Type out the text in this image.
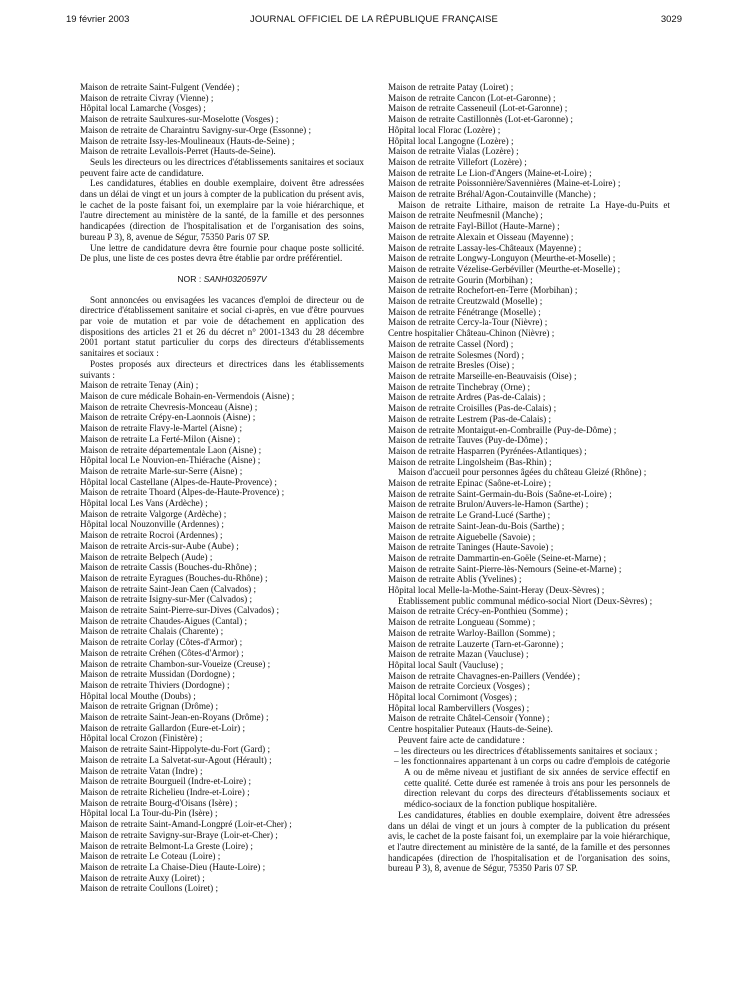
JOURNAL OFFICIEL DE LA RÉPUBLIQUE FRANÇAISE
19 février 2003	3029
Maison de retraite Saint-Fulgent (Vendée) ;
Maison de retraite Civray (Vienne) ;
Hôpital local Lamarche (Vosges) ;
Maison de retraite Saulxures-sur-Moselotte (Vosges) ;
Maison de retraite de Charaintru Savigny-sur-Orge (Essonne) ;
Maison de retraite Issy-les-Moulineaux (Hauts-de-Seine) ;
Maison de retraite Levallois-Perret (Hauts-de-Seine).

Seuls les directeurs ou les directrices d'établissements sanitaires et sociaux peuvent faire acte de candidature.

Les candidatures, établies en double exemplaire, doivent être adressées dans un délai de vingt et un jours à compter de la publication du présent avis, le cachet de la poste faisant foi, un exemplaire par la voie hiérarchique, et l'autre directement au ministère de la santé, de la famille et des personnes handicapées (direction de l'hospitalisation et de l'organisation des soins, bureau P 3), 8, avenue de Ségur, 75350 Paris 07 SP.

Une lettre de candidature devra être fournie pour chaque poste sollicité. De plus, une liste de ces postes devra être établie par ordre préférentiel.

NOR : SANH0320597V

Sont annoncées ou envisagées les vacances d'emploi de directeur ou de directrice d'établissement sanitaire et social ci-après, en vue d'être pourvues par voie de mutation et par voie de détachement en application des dispositions des articles 21 et 26 du décret n° 2001-1343 du 28 décembre 2001 portant statut particulier du corps des directeurs d'établissements sanitaires et sociaux :

Postes proposés aux directeurs et directrices dans les établissements suivants :

Maison de retraite Tenay (Ain) ;
Maison de cure médicale Bohain-en-Vermendois (Aisne) ;
Maison de retraite Chevresis-Monceau (Aisne) ;
Maison de retraite Crépy-en-Laonnois (Aisne) ;
Maison de retraite Flavy-le-Martel (Aisne) ;
Maison de retraite La Ferté-Milon (Aisne) ;
Maison de retraite départementale Laon (Aisne) ;
Hôpital local Le Nouvion-en-Thiérache (Aisne) ;
Maison de retraite Marle-sur-Serre (Aisne) ;
Hôpital local Castellane (Alpes-de-Haute-Provence) ;
Maison de retraite Thoard (Alpes-de-Haute-Provence) ;
Hôpital local Les Vans (Ardèche) ;
Maison de retraite Valgorge (Ardèche) ;
Hôpital local Nouzonville (Ardennes) ;
Maison de retraite Rocroi (Ardennes) ;
Maison de retraite Arcis-sur-Aube (Aube) ;
Maison de retraite Belpech (Aude) ;
Maison de retraite Cassis (Bouches-du-Rhône) ;
Maison de retraite Eyragues (Bouches-du-Rhône) ;
Maison de retraite Saint-Jean Caen (Calvados) ;
Maison de retraite Isigny-sur-Mer (Calvados) ;
Maison de retraite Saint-Pierre-sur-Dives (Calvados) ;
Maison de retraite Chaudes-Aigues (Cantal) ;
Maison de retraite Chalais (Charente) ;
Maison de retraite Corlay (Côtes-d'Armor) ;
Maison de retraite Créhen (Côtes-d'Armor) ;
Maison de retraite Chambon-sur-Voueize (Creuse) ;
Maison de retraite Mussidan (Dordogne) ;
Maison de retraite Thiviers (Dordogne) ;
Hôpital local Mouthe (Doubs) ;
Maison de retraite Grignan (Drôme) ;
Maison de retraite Saint-Jean-en-Royans (Drôme) ;
Maison de retraite Gallardon (Eure-et-Loir) ;
Hôpital local Crozon (Finistère) ;
Maison de retraite Saint-Hippolyte-du-Fort (Gard) ;
Maison de retraite La Salvetat-sur-Agout (Hérault) ;
Maison de retraite Vatan (Indre) ;
Maison de retraite Bourgueil (Indre-et-Loire) ;
Maison de retraite Richelieu (Indre-et-Loire) ;
Maison de retraite Bourg-d'Oisans (Isère) ;
Hôpital local La Tour-du-Pin (Isère) ;
Maison de retraite Saint-Amand-Longpré (Loir-et-Cher) ;
Maison de retraite Savigny-sur-Braye (Loir-et-Cher) ;
Maison de retraite Belmont-La Greste (Loire) ;
Maison de retraite Le Coteau (Loire) ;
Maison de retraite La Chaise-Dieu (Haute-Loire) ;
Maison de retraite Auxy (Loiret) ;
Maison de retraite Coullons (Loiret) ;
Maison de retraite Patay (Loiret) ;
Maison de retraite Cancon (Lot-et-Garonne) ;
Maison de retraite Casseneuil (Lot-et-Garonne) ;
Maison de retraite Castillonnès (Lot-et-Garonne) ;
Hôpital local Florac (Lozère) ;
Hôpital local Langogne (Lozère) ;
Maison de retraite Vialas (Lozère) ;
Maison de retraite Villefort (Lozère) ;
Maison de retraite Le Lion-d'Angers (Maine-et-Loire) ;
Maison de retraite Poissonnière/Savennières (Maine-et-Loire) ;
Maison de retraite Bréhal/Agon-Coutainville (Manche) ;

Maison de retraite Lithaire, maison de retraite La Haye-du-Puits et Maison de retraite Neufmesnil (Manche) ;

Maison de retraite Fayl-Billot (Haute-Marne) ;
Maison de retraite Alexain et Oisseau (Mayenne) ;
Maison de retraite Lassay-les-Châteaux (Mayenne) ;
Maison de retraite Longwy-Longuyon (Meurthe-et-Moselle) ;
Maison de retraite Vézelise-Gerbéviller (Meurthe-et-Moselle) ;
Maison de retraite Gourin (Morbihan) ;
Maison de retraite Rochefort-en-Terre (Morbihan) ;
Maison de retraite Creutzwald (Moselle) ;
Maison de retraite Fénétrange (Moselle) ;
Maison de retraite Cercy-la-Tour (Nièvre) ;
Centre hospitalier Château-Chinon (Nièvre) ;
Maison de retraite Cassel (Nord) ;
Maison de retraite Solesmes (Nord) ;
Maison de retraite Bresles (Oise) ;
Maison de retraite Marseille-en-Beauvaisis (Oise) ;
Maison de retraite Tinchebray (Orne) ;
Maison de retraite Ardres (Pas-de-Calais) ;
Maison de retraite Croisilles (Pas-de-Calais) ;
Maison de retraite Lestrem (Pas-de-Calais) ;
Maison de retraite Montaigut-en-Combraille (Puy-de-Dôme) ;
Maison de retraite Tauves (Puy-de-Dôme) ;
Maison de retraite Hasparren (Pyrénées-Atlantiques) ;
Maison de retraite Lingolsheim (Bas-Rhin) ;

Maison d'accueil pour personnes âgées du château Gleizé (Rhône) ;

Maison de retraite Epinac (Saône-et-Loire) ;
Maison de retraite Saint-Germain-du-Bois (Saône-et-Loire) ;
Maison de retraite Brulon/Auvers-le-Hamon (Sarthe) ;
Maison de retraite Le Grand-Lucé (Sarthe) ;
Maison de retraite Saint-Jean-du-Bois (Sarthe) ;
Maison de retraite Aiguebelle (Savoie) ;
Maison de retraite Taninges (Haute-Savoie) ;
Maison de retraite Dammartin-en-Goële (Seine-et-Marne) ;
Maison de retraite Saint-Pierre-lès-Nemours (Seine-et-Marne) ;
Maison de retraite Ablis (Yvelines) ;
Hôpital local Melle-la-Mothe-Saint-Heray (Deux-Sèvres) ;

Etablissement public communal médico-social Niort (Deux-Sèvres) ;

Maison de retraite Crécy-en-Ponthieu (Somme) ;
Maison de retraite Longueau (Somme) ;
Maison de retraite Warloy-Baillon (Somme) ;
Maison de retraite Lauzerte (Tarn-et-Garonne) ;
Maison de retraite Mazan (Vaucluse) ;
Hôpital local Sault (Vaucluse) ;
Maison de retraite Chavagnes-en-Paillers (Vendée) ;
Maison de retraite Corcieux (Vosges) ;
Hôpital local Cornimont (Vosges) ;
Hôpital local Rambervillers (Vosges) ;
Maison de retraite Châtel-Censoir (Yonne) ;
Centre hospitalier Puteaux (Hauts-de-Seine).

Peuvent faire acte de candidature :

– les directeurs ou les directrices d'établissements sanitaires et sociaux ;

– les fonctionnaires appartenant à un corps ou cadre d'emplois de catégorie A ou de même niveau et justifiant de six années de service effectif en cette qualité. Cette durée est ramenée à trois ans pour les personnels de direction relevant du corps des directeurs d'établissements sociaux et médico-sociaux de la fonction publique hospitalière.

Les candidatures, établies en double exemplaire, doivent être adressées dans un délai de vingt et un jours à compter de la publication du présent avis, le cachet de la poste faisant foi, un exemplaire par la voie hiérarchique, et l'autre directement au ministère de la santé, de la famille et des personnes handicapées (direction de l'hospitalisation et de l'organisation des soins, bureau P 3), 8, avenue de Ségur, 75350 Paris 07 SP.
